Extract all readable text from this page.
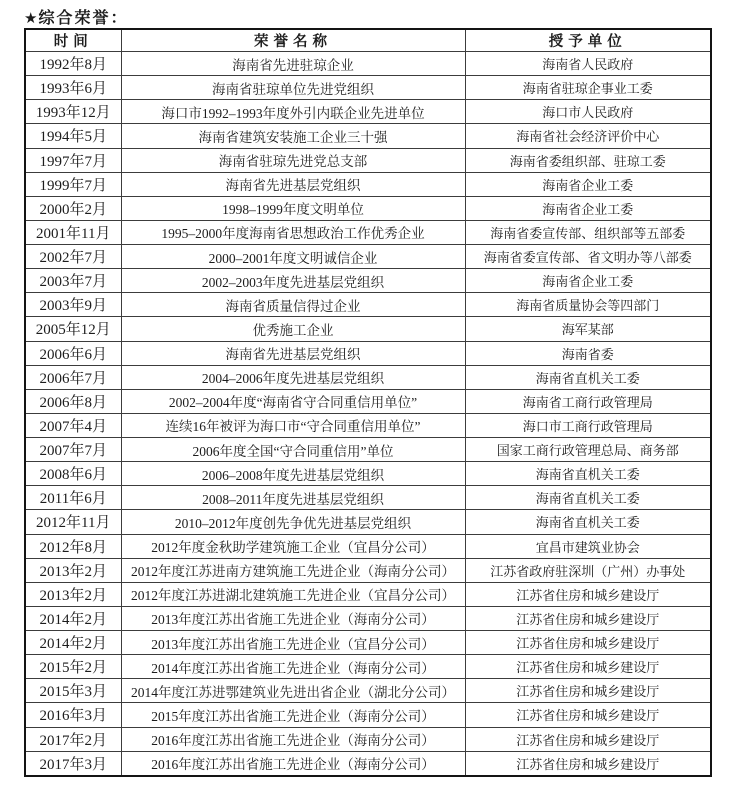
★综合荣誉：
时间	荣誉名称	授予单位
1992年8月	海南省先进驻琼企业	海南省人民政府
1993年6月	海南省驻琼单位先进党组织	海南省驻琼企事业工委
1993年12月	海口市1992–1993年度外引内联企业先进单位	海口市人民政府
1994年5月	海南省建筑安装施工企业三十强	海南省社会经济评价中心
1997年7月	海南省驻琼先进党总支部	海南省委组织部、驻琼工委
1999年7月	海南省先进基层党组织	海南省企业工委
2000年2月	1998–1999年度文明单位	海南省企业工委
2001年11月	1995–2000年度海南省思想政治工作优秀企业	海南省委宣传部、组织部等五部委
2002年7月	2000–2001年度文明诚信企业	海南省委宣传部、省文明办等八部委
2003年7月	2002–2003年度先进基层党组织	海南省企业工委
2003年9月	海南省质量信得过企业	海南省质量协会等四部门
2005年12月	优秀施工企业	海军某部
2006年6月	海南省先进基层党组织	海南省委
2006年7月	2004–2006年度先进基层党组织	海南省直机关工委
2006年8月	2002–2004年度“海南省守合同重信用单位”	海南省工商行政管理局
2007年4月	连续16年被评为海口市“守合同重信用单位”	海口市工商行政管理局
2007年7月	2006年度全国“守合同重信用”单位	国家工商行政管理总局、商务部
2008年6月	2006–2008年度先进基层党组织	海南省直机关工委
2011年6月	2008–2011年度先进基层党组织	海南省直机关工委
2012年11月	2010–2012年度创先争优先进基层党组织	海南省直机关工委
2012年8月	2012年度金秋助学建筑施工企业（宜昌分公司）	宜昌市建筑业协会
2013年2月	2012年度江苏进南方建筑施工先进企业（海南分公司）	江苏省政府驻深圳（广州）办事处
2013年2月	2012年度江苏进湖北建筑施工先进企业（宜昌分公司）	江苏省住房和城乡建设厅
2014年2月	2013年度江苏出省施工先进企业（海南分公司）	江苏省住房和城乡建设厅
2014年2月	2013年度江苏出省施工先进企业（宜昌分公司）	江苏省住房和城乡建设厅
2015年2月	2014年度江苏出省施工先进企业（海南分公司）	江苏省住房和城乡建设厅
2015年3月	2014年度江苏进鄂建筑业先进出省企业（湖北分公司）	江苏省住房和城乡建设厅
2016年3月	2015年度江苏出省施工先进企业（海南分公司）	江苏省住房和城乡建设厅
2017年2月	2016年度江苏出省施工先进企业（海南分公司）	江苏省住房和城乡建设厅
2017年3月	2016年度江苏出省施工先进企业（海南分公司）	江苏省住房和城乡建设厅
